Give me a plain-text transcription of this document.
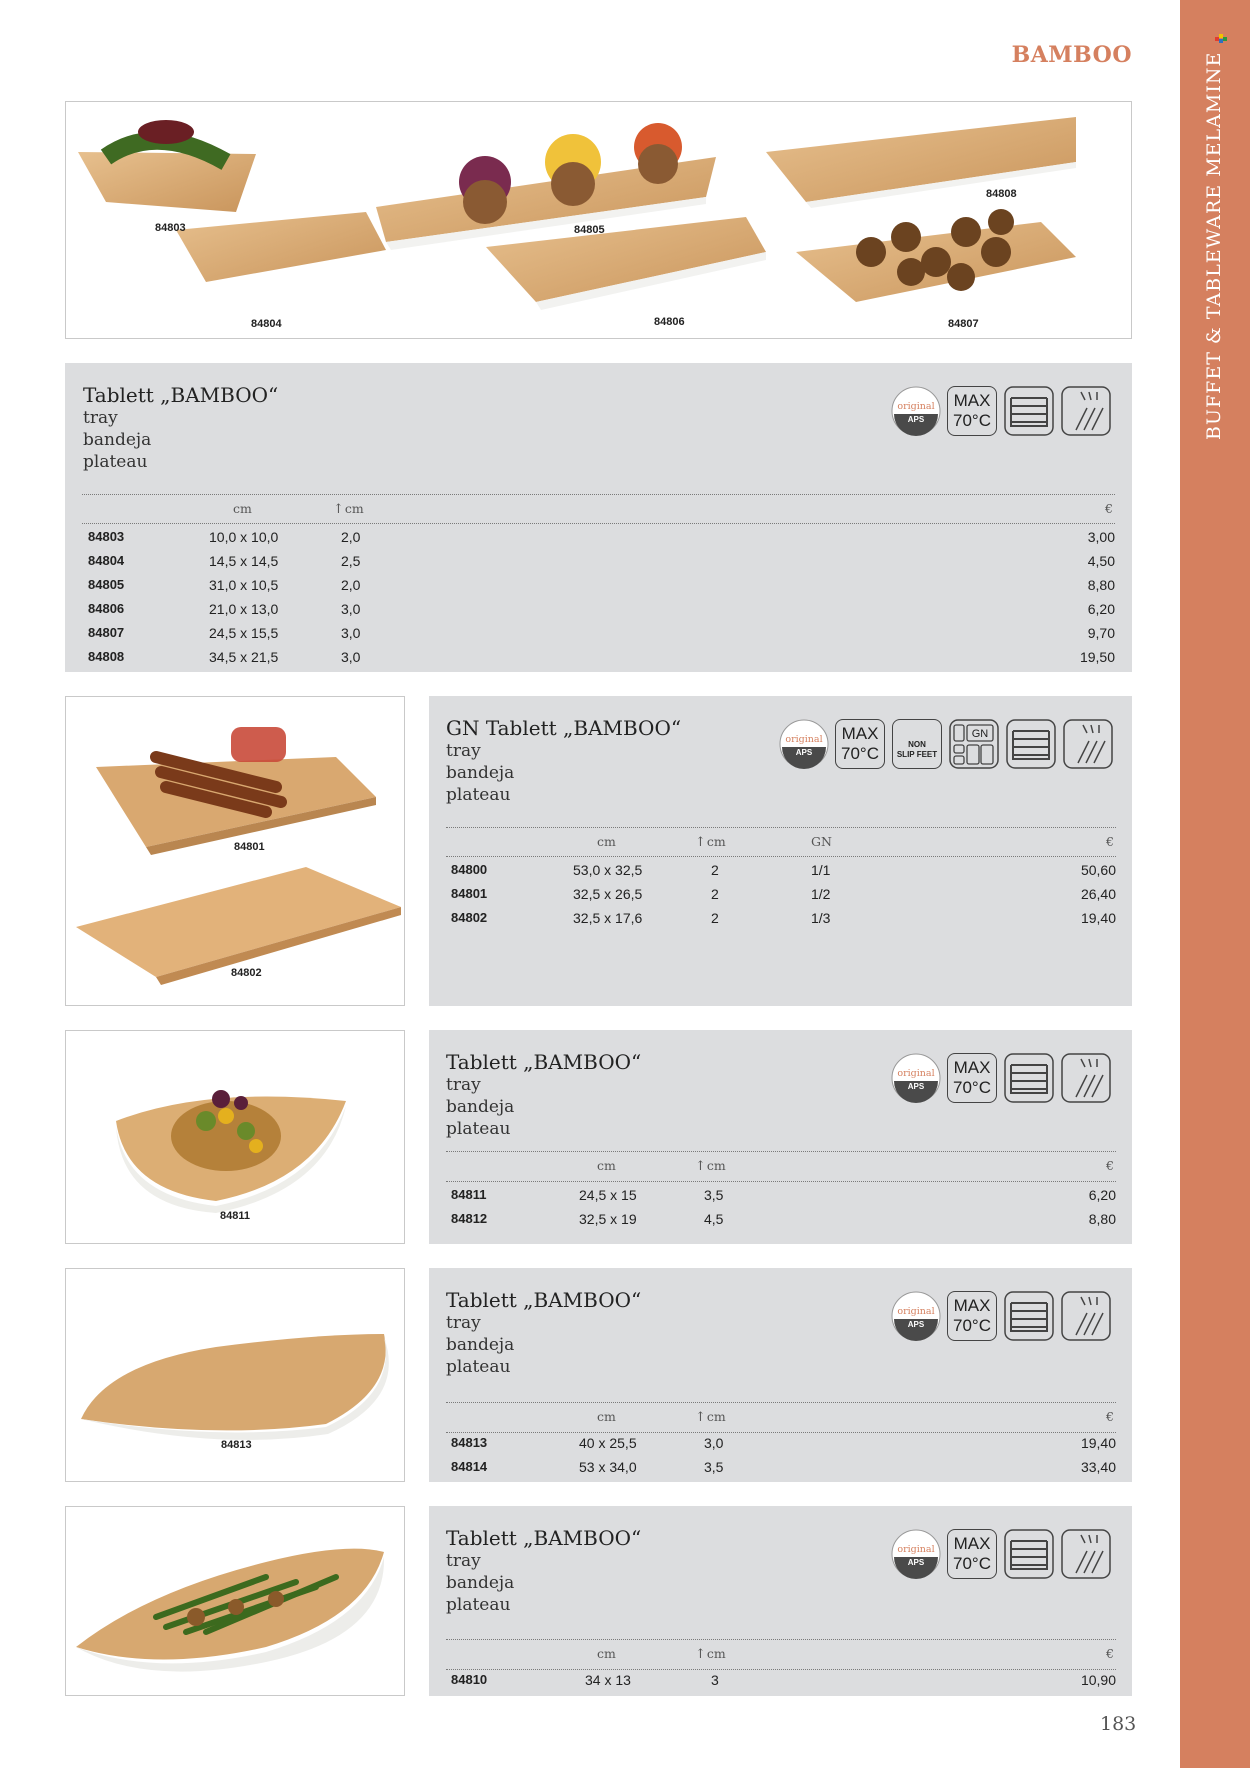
BUFFET & TABLEWARE MELAMINE
BAMBOO
84803	84805
84808
84804	84806	84807
Tablett „BAMBOO“
tray
bandeja
plateau
original
APS
MAX
70°C
cm	↑cm	€
84803	10,0 x 10,0	2,0	3,00
84804	14,5 x 14,5	2,5	4,50
84805	31,0 x 10,5	2,0	8,80
84806	21,0 x 13,0	3,0	6,20
84807	24,5 x 15,5	3,0	9,70
84808	34,5 x 21,5	3,0	19,50
84801
84802
GN Tablett „BAMBOO“
tray
bandeja
plateau
original
APS
MAX
70°C	NON
SLIP FEET
GN
cm	↑cm	GN	€
84800	53,0 x 32,5	2	1/1	50,60
84801	32,5 x 26,5	2	1/2	26,40
84802	32,5 x 17,6	2	1/3	19,40
84811
Tablett „BAMBOO“
tray
bandeja
plateau
original
APS
MAX
70°C
cm	↑cm	€
84811	24,5 x 15	3,5	6,20
84812	32,5 x 19	4,5	8,80
84813
Tablett „BAMBOO“
tray
bandeja
plateau
original
APS
MAX
70°C
cm	↑cm	€
84813	40 x 25,5	3,0	19,40
84814	53 x 34,0	3,5	33,40
Tablett „BAMBOO“
tray
bandeja
plateau
original
APS
MAX
70°C
cm	↑cm	€
84810	34 x 13	3	10,90
183
